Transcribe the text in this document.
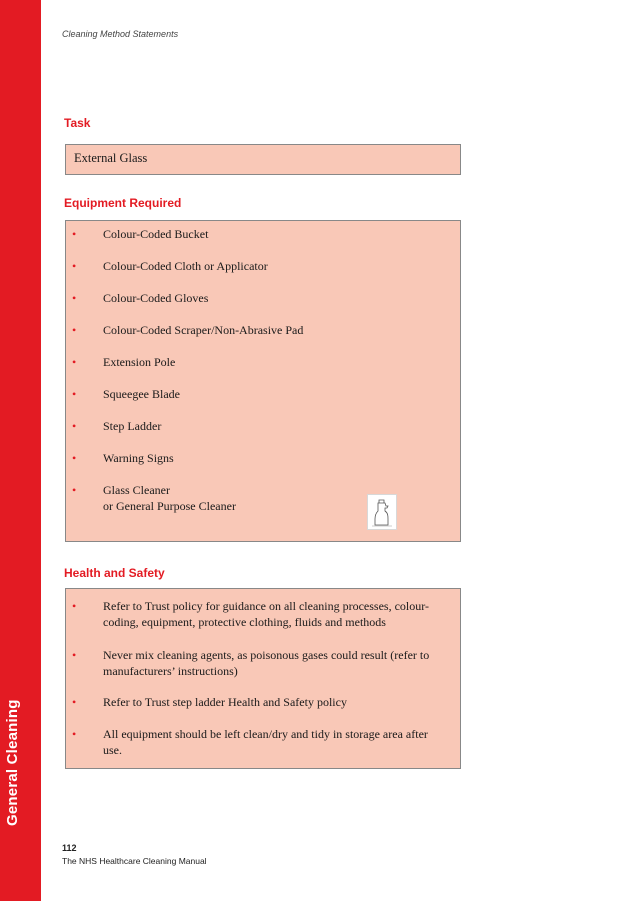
General Cleaning
Cleaning Method Statements
Task
External Glass
Equipment Required
• Colour-Coded Bucket
• Colour-Coded Cloth or Applicator
• Colour-Coded Gloves
• Colour-Coded Scraper/Non-Abrasive Pad
• Extension Pole
• Squeegee Blade
• Step Ladder
• Warning Signs
• Glass Cleaner
or General Purpose Cleaner
Health and Safety
• Refer to Trust policy for guidance on all cleaning processes, colour-coding, equipment, protective clothing, fluids and methods
• Never mix cleaning agents, as poisonous gases could result (refer to manufacturers’ instructions)
• Refer to Trust step ladder Health and Safety policy
• All equipment should be left clean/dry and tidy in storage area after use.
112
The NHS Healthcare Cleaning Manual
